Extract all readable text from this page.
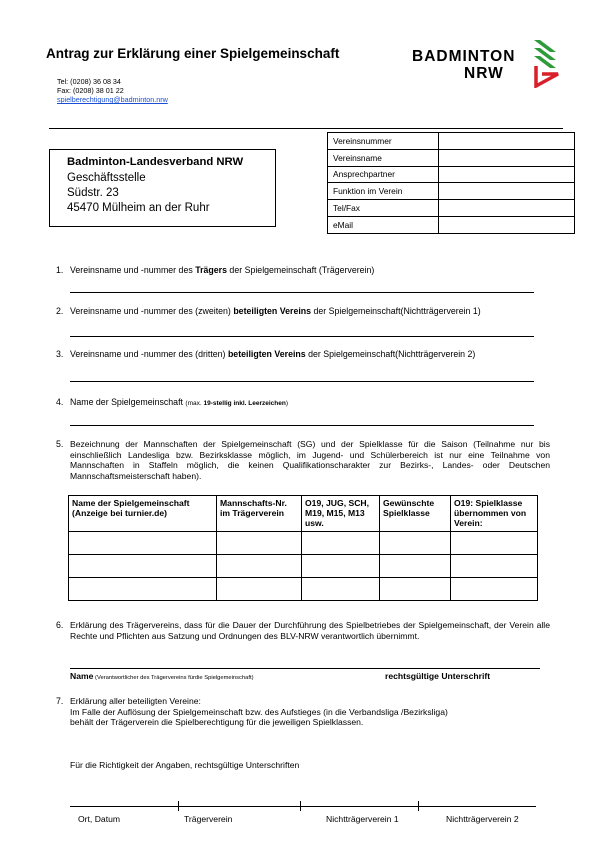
Antrag zur Erklärung einer Spielgemeinschaft
Tel: (0208) 36 08 34
Fax: (0208) 38 01 22
spielberechtigung@badminton.nrw
BADMINTON
NRW
Badminton-Landesverband NRW
Geschäftsstelle
Südstr. 23
45470 Mülheim an der Ruhr
Vereinsnummer	
Vereinsname	
Ansprechpartner	
Funktion im Verein	
Tel/Fax	
eMail	
1. Vereinsname und -nummer des Trägers der Spielgemeinschaft (Trägerverein)
2. Vereinsname und -nummer des (zweiten) beteiligten Vereins der Spielgemeinschaft(Nichtträgerverein 1)
3. Vereinsname und -nummer des (dritten) beteiligten Vereins der Spielgemeinschaft(Nichtträgerverein 2)
4. Name der Spielgemeinschaft (max. 19-stellig inkl. Leerzeichen)
5. Bezeichnung der Mannschaften der Spielgemeinschaft (SG) und der Spielklasse für die Saison (Teilnahme nur bis einschließlich Landesliga bzw. Bezirksklasse möglich, im Jugend- und Schülerbereich ist nur eine Teilnahme von Mannschaften in Staffeln möglich, die keinen Qualifikationscharakter zur Bezirks-, Landes- oder Deutschen Mannschaftsmeisterschaft haben).
Name der Spielgemeinschaft (Anzeige bei turnier.de)	Mannschafts-Nr. im Trägerverein	O19, JUG, SCH, M19, M15, M13 usw.	Gewünschte Spielklasse	O19: Spielklasse übernommen von Verein:

6. Erklärung des Trägervereins, dass für die Dauer der Durchführung des Spielbetriebes der Spielgemeinschaft, der Verein alle Rechte und Pflichten aus Satzung und Ordnungen des BLV-NRW verantwortlich übernimmt.
Name (Verantwortlicher des Trägervereins fürdie Spielgemeinschaft)	rechtsgültige Unterschrift
7. Erklärung aller beteiligten Vereine:
Im Falle der Auflösung der Spielgemeinschaft bzw. des Aufstieges (in die Verbandsliga /Bezirksliga)
behält der Trägerverein die Spielberechtigung für die jeweiligen Spielklassen.
Für die Richtigkeit der Angaben, rechtsgültige Unterschriften
Ort, Datum	Trägerverein	Nichtträgerverein 1	Nichtträgerverein 2
